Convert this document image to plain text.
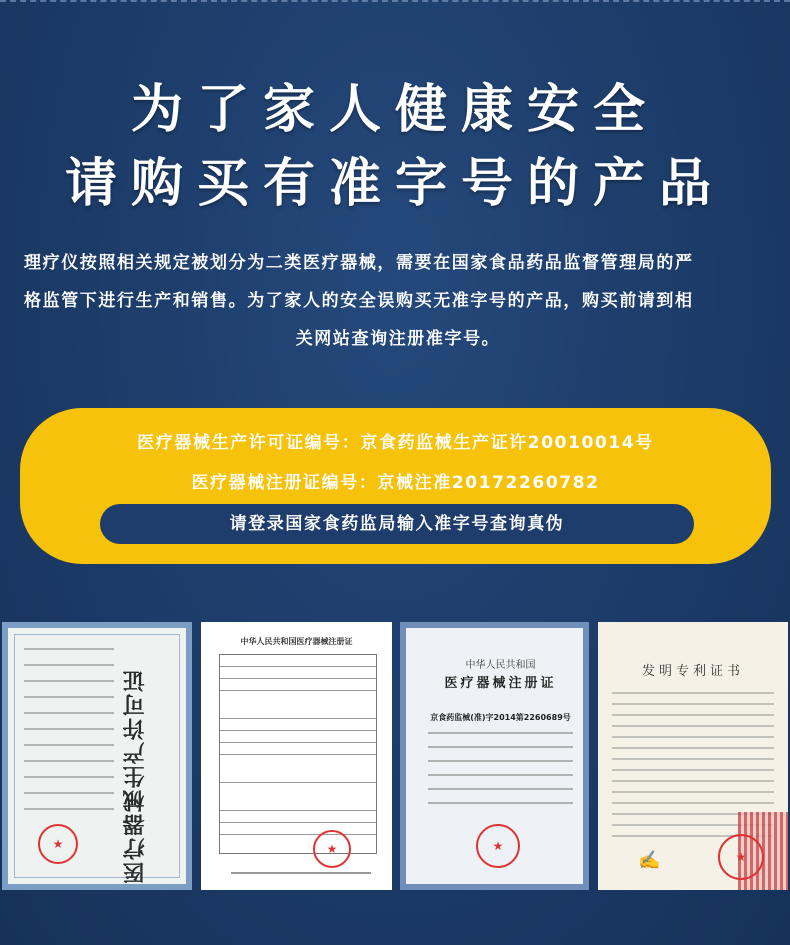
为了家人健康安全
请购买有准字号的产品
理疗仪按照相关规定被划分为二类医疗器械，需要在国家食品药品监督管理局的严
格监管下进行生产和销售。为了家人的安全误购买无准字号的产品，购买前请到相
关网站查询注册准字号。
医疗器械生产许可证编号：京食药监械生产证许20010014号
医疗器械注册证编号：京械注准20172260782
请登录国家食药监局输入准字号查询真伪
医疗器械生产许可证
★
中华人民共和国医疗器械注册证
★
中华人民共和国
医疗器械注册证
京食药监械(准)字2014第2260689号
★
发明专利证书
★
✍
